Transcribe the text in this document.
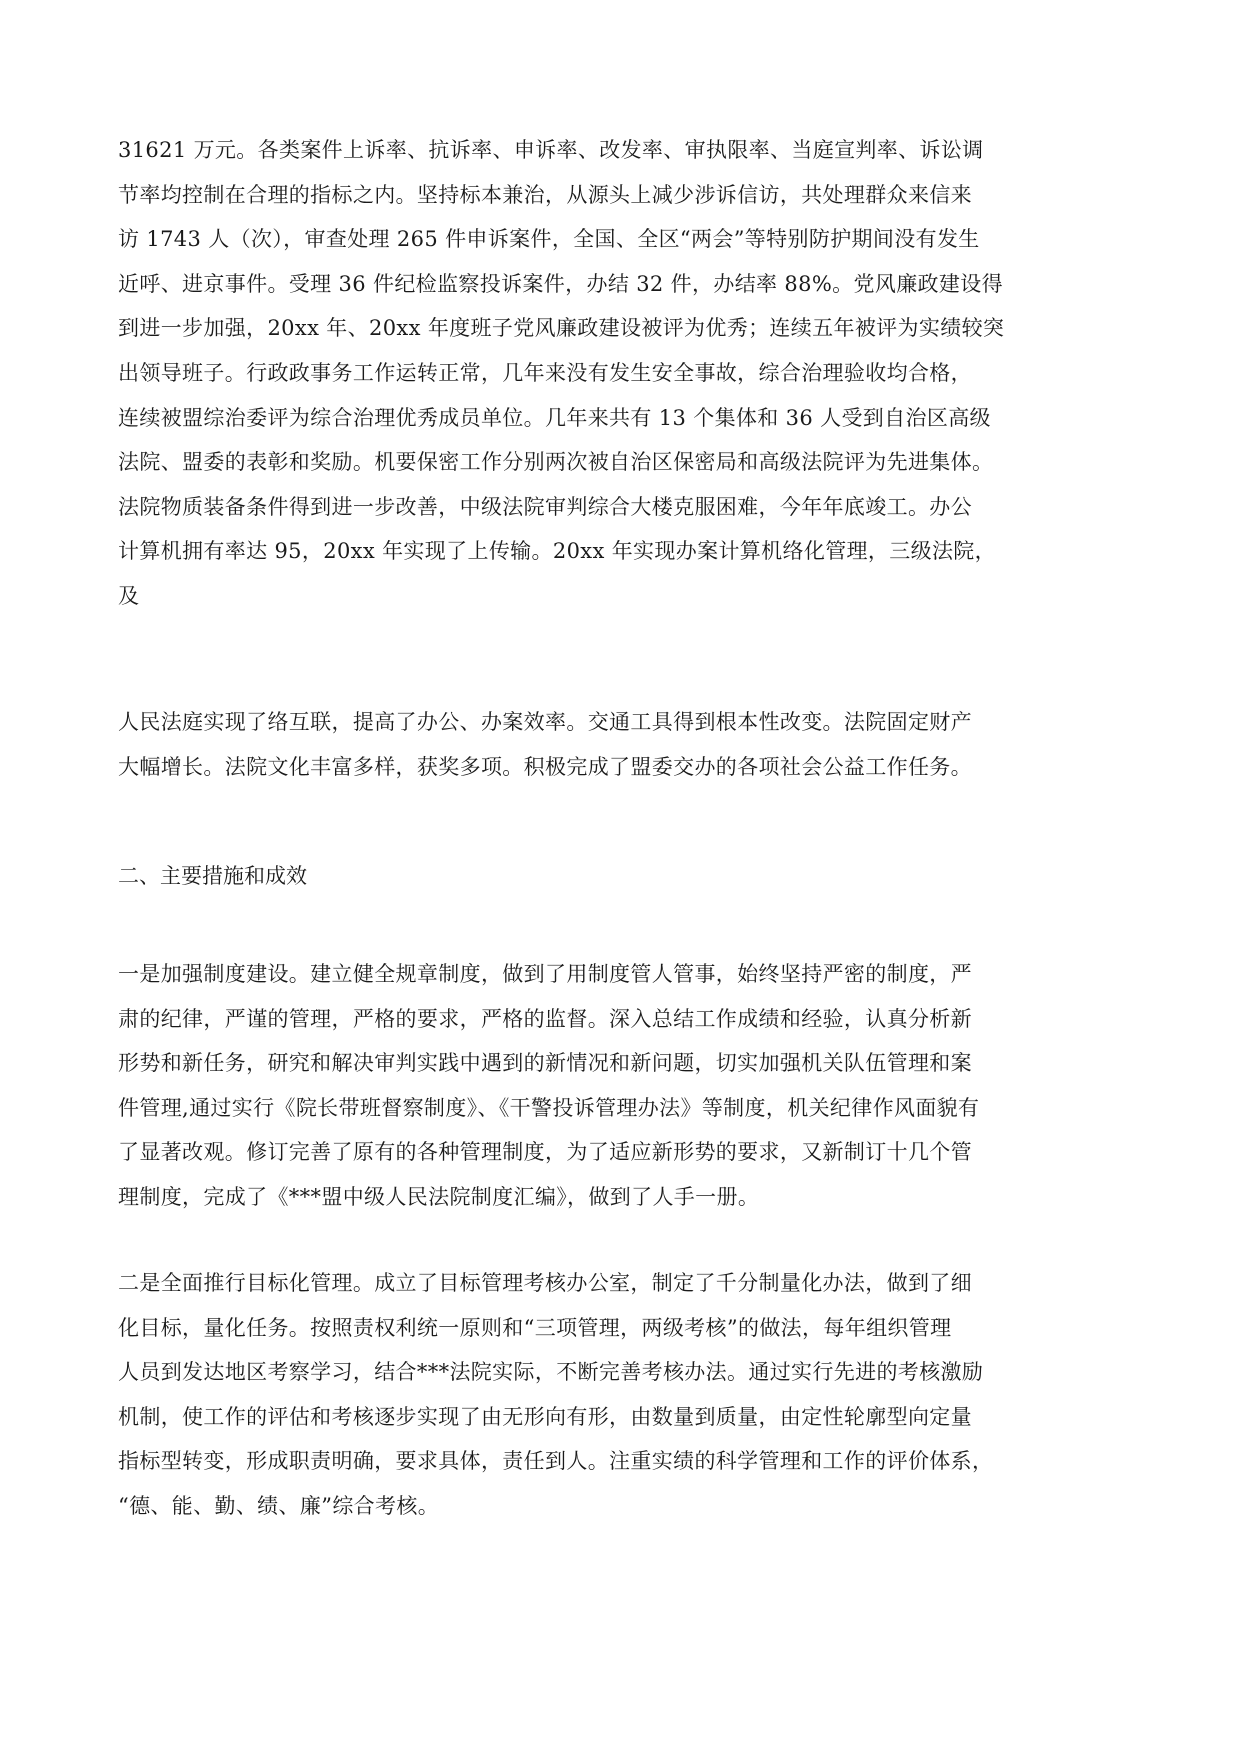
31621 万元。各类案件上诉率、抗诉率、申诉率、改发率、审执限率、当庭宣判率、诉讼调
节率均控制在合理的指标之内。坚持标本兼治，从源头上减少涉诉信访，共处理群众来信来
访 1743 人（次），审查处理 265 件申诉案件，全国、全区“两会”等特别防护期间没有发生
近呼、进京事件。受理 36 件纪检监察投诉案件，办结 32 件，办结率 88%。党风廉政建设得
到进一步加强，20xx 年、20xx 年度班子党风廉政建设被评为优秀；连续五年被评为实绩较突
出领导班子。行政政事务工作运转正常，几年来没有发生安全事故，综合治理验收均合格，
连续被盟综治委评为综合治理优秀成员单位。几年来共有 13 个集体和 36 人受到自治区高级
法院、盟委的表彰和奖励。机要保密工作分别两次被自治区保密局和高级法院评为先进集体。
法院物质装备条件得到进一步改善，中级法院审判综合大楼克服困难，今年年底竣工。办公
计算机拥有率达 95，20xx 年实现了上传输。20xx 年实现办案计算机络化管理，三级法院，
及
人民法庭实现了络互联，提高了办公、办案效率。交通工具得到根本性改变。法院固定财产
大幅增长。法院文化丰富多样，获奖多项。积极完成了盟委交办的各项社会公益工作任务。
二、主要措施和成效
一是加强制度建设。建立健全规章制度，做到了用制度管人管事，始终坚持严密的制度，严
肃的纪律，严谨的管理，严格的要求，严格的监督。深入总结工作成绩和经验，认真分析新
形势和新任务，研究和解决审判实践中遇到的新情况和新问题，切实加强机关队伍管理和案
件管理,通过实行《院长带班督察制度》、《干警投诉管理办法》等制度，机关纪律作风面貌有
了显著改观。修订完善了原有的各种管理制度，为了适应新形势的要求，又新制订十几个管
理制度，完成了《***盟中级人民法院制度汇编》，做到了人手一册。
二是全面推行目标化管理。成立了目标管理考核办公室，制定了千分制量化办法，做到了细
化目标，量化任务。按照责权利统一原则和“三项管理，两级考核”的做法，每年组织管理
人员到发达地区考察学习，结合***法院实际，不断完善考核办法。通过实行先进的考核激励
机制，使工作的评估和考核逐步实现了由无形向有形，由数量到质量，由定性轮廓型向定量
指标型转变，形成职责明确，要求具体，责任到人。注重实绩的科学管理和工作的评价体系，
“德、能、勤、绩、廉”综合考核。
